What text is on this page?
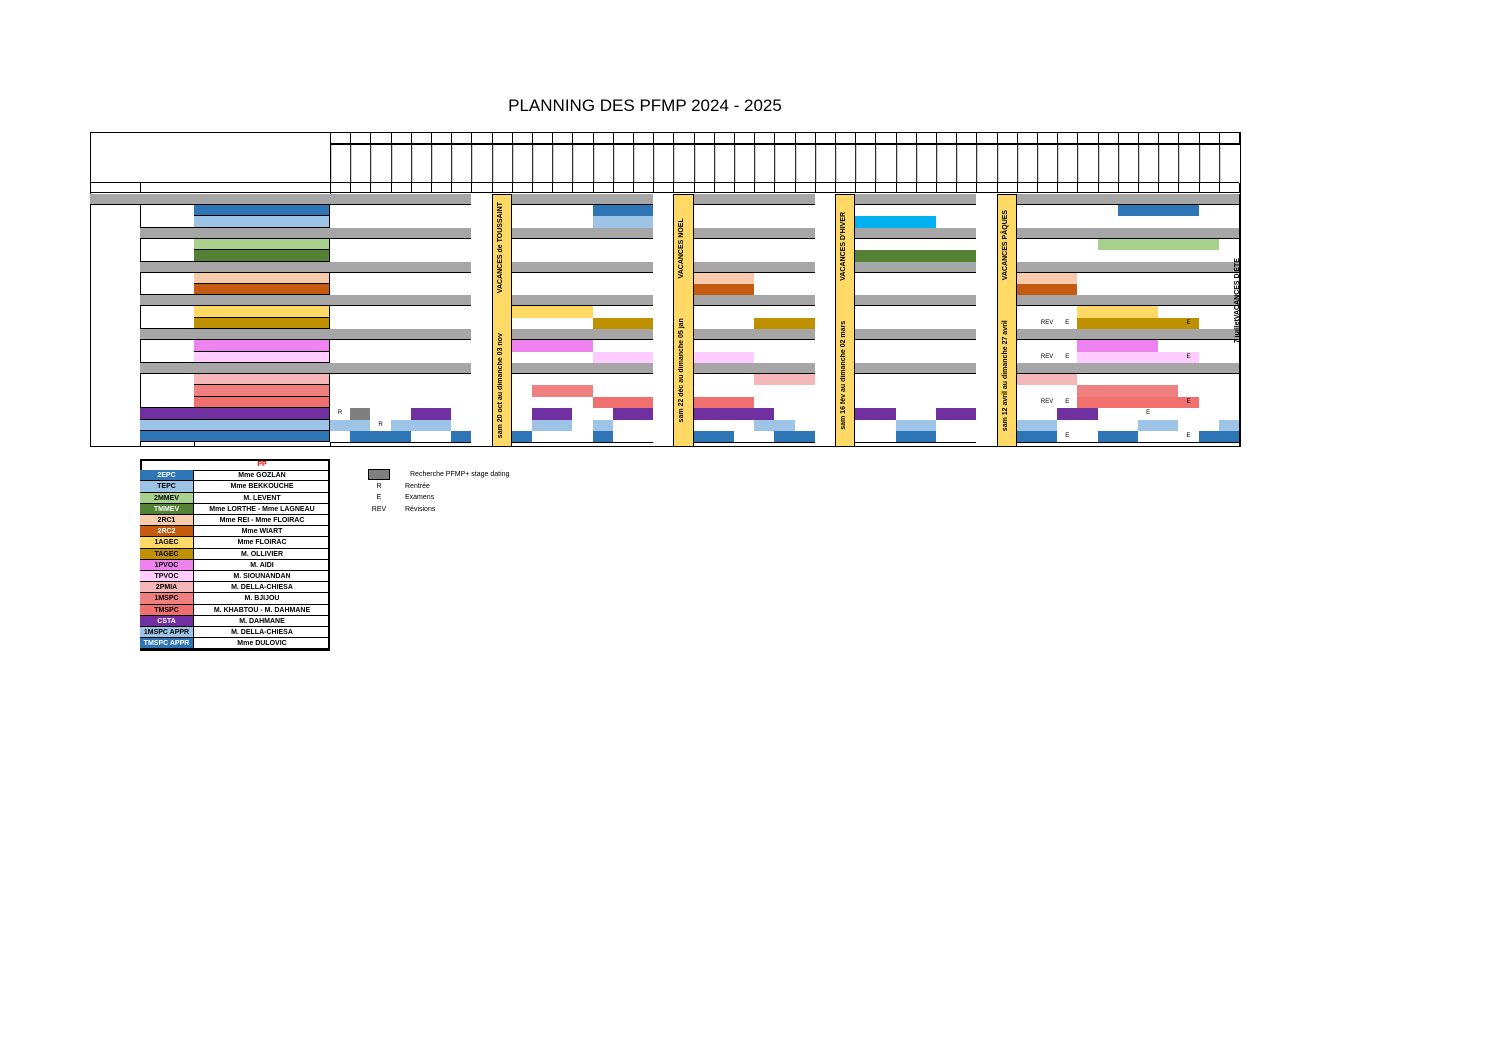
PLANNING DES PFMP 2024 - 2025
REV	E	E
REV	E	E
REV	E	E
R	E
R
E	E
sam 20 oct au dimanche 03 nov
VACANCES de TOUSSAINT
sam 22 déc au dimanche 05 jan
VACANCES NOEL
sam 16 fév au dimanche 02 mars
VACANCES D'HIVER
sam 12 avril au dimanche 27 avril
VACANCES PÂQUES
7 juillet
VACANCES D'ETE
PP
2EPC	Mme GOZLAN
TEPC	Mme BEKKOUCHE
2MMEV	M. LEVENT
TMMEV	Mme LORTHE - Mme LAGNEAU
2RC1	Mme REI - Mme FLOIRAC
2RC2	Mme WIART
1AGEC	Mme FLOIRAC
TAGEC	M. OLLIVIER
1PVOC	M. AIDI
TPVOC	M. SIOUNANDAN
2PMIA	M. DELLA-CHIESA
1MSPC	M. BJIJOU
TMSPC	M. KHABTOU - M. DAHMANE
CSTA	M. DAHMANE
1MSPC APPR	M. DELLA-CHIESA
TMSPC APPR	Mme DULOVIC
Recherche PFMP+ stage dating
R	Rentrée
E	Examens
REV	Révisions
